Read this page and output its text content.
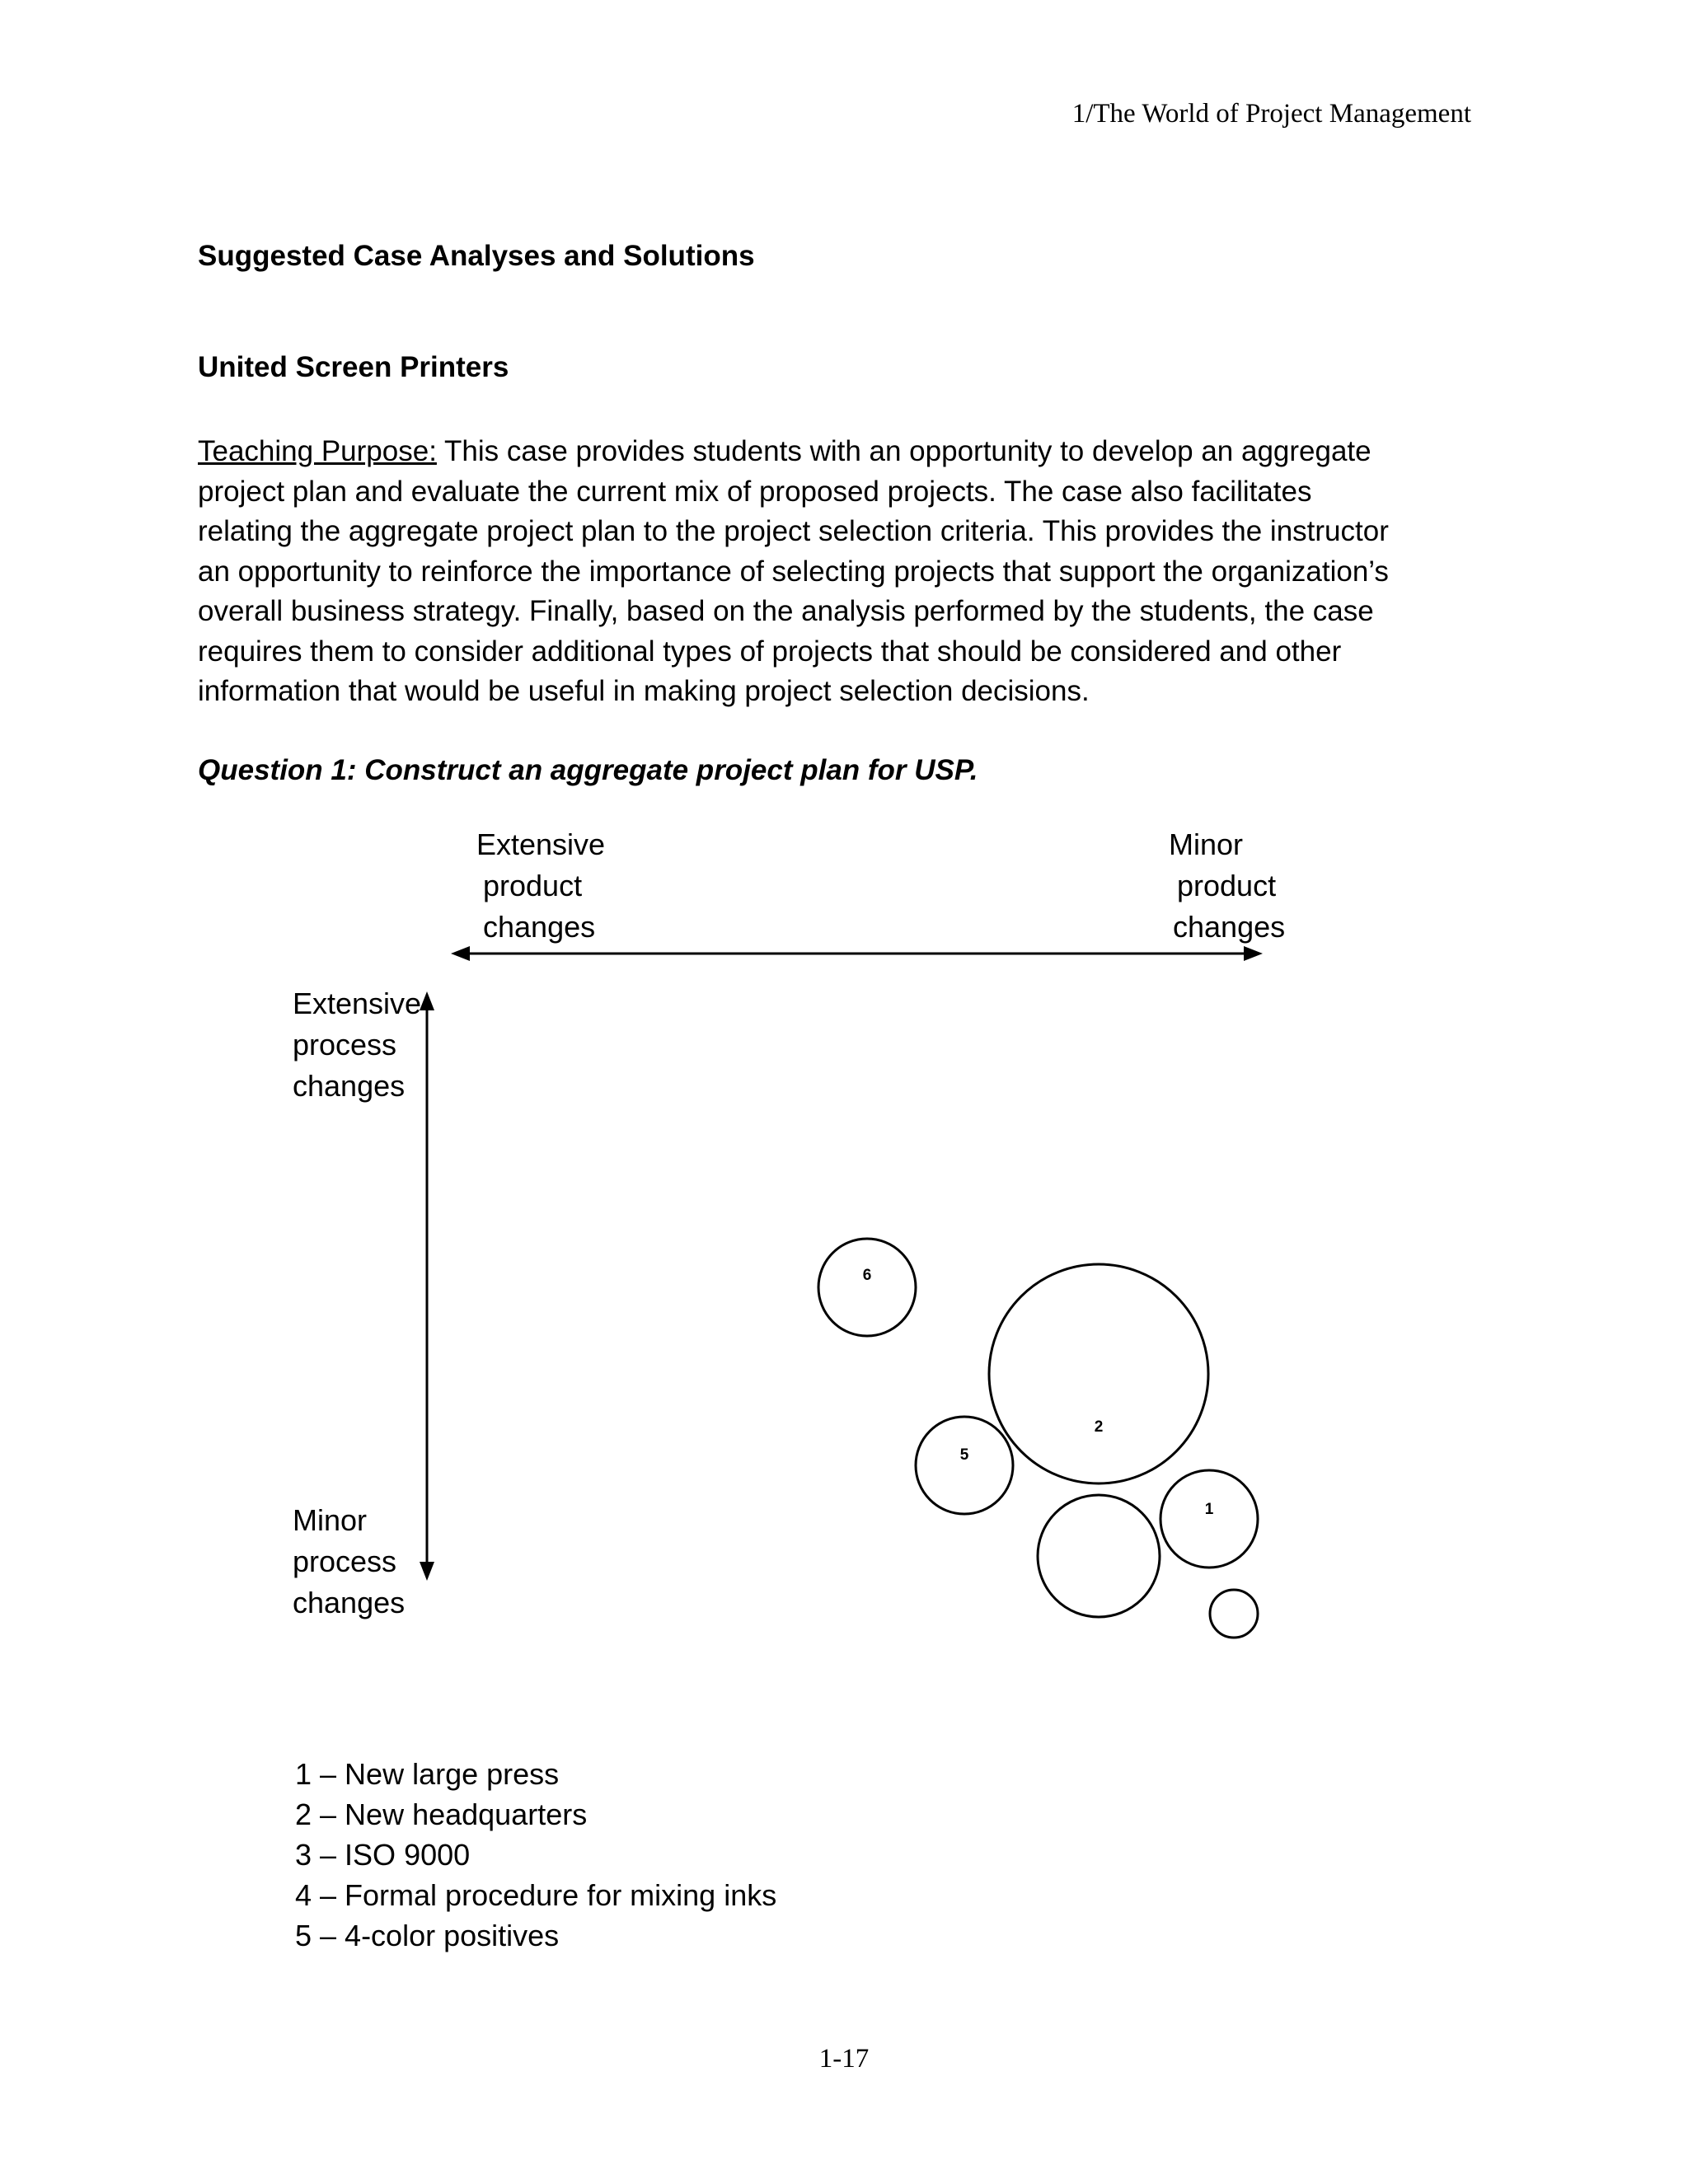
1/The World of Project Management
Suggested Case Analyses and Solutions
United Screen Printers
Teaching Purpose: This case provides students with an opportunity to develop an aggregate
project plan and evaluate the current mix of proposed projects. The case also facilitates
relating the aggregate project plan to the project selection criteria. This provides the instructor
an opportunity to reinforce the importance of selecting projects that support the organization’s
overall business strategy. Finally, based on the analysis performed by the students, the case
requires them to consider additional types of projects that should be considered and other
information that would be useful in making project selection decisions.
Question 1: Construct an aggregate project plan for USP.
Extensive
product
changes
Minor
product
changes
Extensive
process
changes
Minor
process
changes
6
2
5
1
1 – New large press
2 – New headquarters
3 – ISO 9000
4 – Formal procedure for mixing inks
5 – 4-color positives
1-17
